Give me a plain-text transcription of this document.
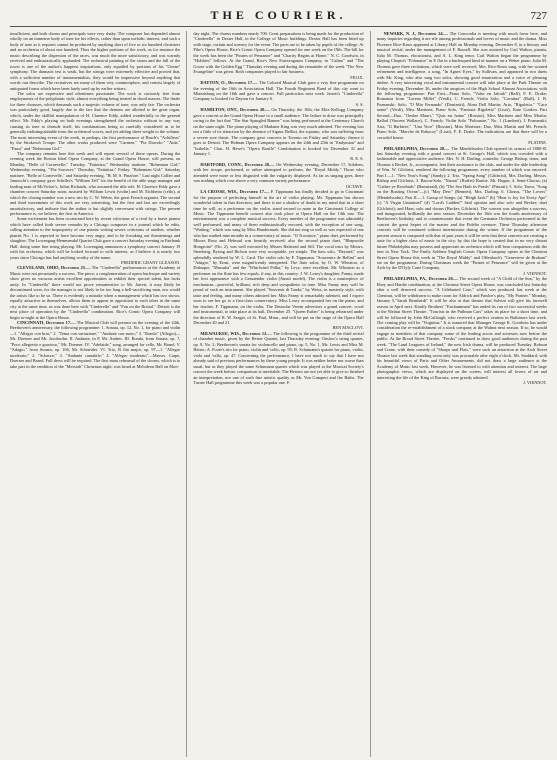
THE COURIER.	727

insufficient, and both chorus and principals were very shaky. The composer has depended almost wholly on an immense body of tone for his effects, rather than upon melodic interest, and such a body of tone as it requires cannot be produced by anything short of five or six hundred choristers and an orchestra of about one hundred. Thus the higher portions of the work, as for instance the music describing the dispersion of the races, was much the more satisfactory, and was warmly received and enthusiastically applauded. The orchestral painting of the storm and the fall of the tower is one of the author's happiest inspirations, only equalled by portions of his "Ocean" symphony. The dramatic test is weak, but the strings were extremely effective and proved that, with a sufficient number of instrumentalists, they would be impressive beyond anything that words can describe. The recitatives are many of them very commonplace, and consist largely of antiquated forms which have been lately used up by earlier writers.

The solos are expressive and oftentimes passionate. The work is curiously free from employments of the polyphonic style, almost everything being treated in chord masses. The finale for three choruses, which demands such a majestic volume of tone, was only fair. The orchestra was particularly good, largely due to the fact that the demons are allotted to the great organ, which, under the skillful manipulation of H. Clarence Eddy, added wonderfully to the general effect. Mr. Eddy's playing on both evenings strengthened the orchestra without in any way causing its tone to obtrude itself, his combinations being so carefully considered as to be generally indistinguishable from the orchestral voices, and yet adding sheer weight to the volume. The most interesting event of the week, in perhaps, the first performance of Bruch's "Achilleus" by the Strakosch Troupe. The other works produced were "Carmen," "Pia Diavolo," "Aida," "Faust" and "Bohemian Girl."

The company remains here this week and will repeat several of these operas. During the evening week the Boston Ideal Opera Company, at the Grand Opera House, will present, on Monday, "Belle of Cornevelle;" Tuesday, "Fatinitza;" Wednesday matinee, "Bohemian Girl;" Wednesday evening, "The Sorcerer;" Thursday, "Fatinitza;" Friday, "Bohemian Girl;" Saturday matinee, "Belle of Cornevelle," and Saturday evening, "H. M. S. Pinafore." Last night Collier and Jamoschi's company gave Schiller's "William Tell" for the benefit of the able stage manager and leading man of McVicker's, Julius Richards, who assumed the title role. H. Clarence Eddy gave a chamber concert Saturday noon, assisted by William Lewis (violin) and M. Eichheim (cello), at which the closing number was a new trio by C. W. Weber, the great French organist. The second and third movements of this work are very interesting, but the first and last are exceedingly unsatisfactory, and indicate that the author is but slightly conversant with strings. The present performance is, we believe, the first in America.

Some excitement has been occasioned here by recent criticisms of a rival by a brave pianist which have called forth severe remarks by a Chicago composer in a journal which he edits, calling attention to the impropriety of one pianist writing severe criticisms of another, whether pianist No. 1 is reported to have become very angry, and to be forsaking out threatenings and slaughter. The Lowengarg-Hemmendal Quartet Club gave a concert Saturday evening in Fairbank Hall, doing some fine string playing. Mr. Lowengarg announces a symphony concert January 19 with his orchestra, which will be looked forward to with interest, as I believe it is nearly two years since Chicago has had anything worthy of the name.

FREDERIC GRANT GLEASON.

CLEVELAND, OHIO, December 25.— The "Cinderella" performances at the Academy of Music were not pecuniarily a success. The piece, a conglomeration of opera burlesque and variety show gives no vacuous artists excellent opportunities to exhibit their special talent, but lacks unity. In "Cinderella" there would not prove remunerative to Mr. Jarrett, it may likely be discontinued soon, for the manager is not likely to be too long a hell-sacrificing man, nor would the artists like to be so. There is evidently a mistake when a management which has two shows, equally attractive in themselves, allows them to appear in opposition to each other in the same city at the same time, as was done here with "Cinderella" and "Fun on the Bristol." Detroit is the next place of operation by the "Cinderella" combination. Rice's Comic Opera Company will begin to-night at the Opera House.

CINCINNATI, December 17.— The Musical Club will present on the evening of the 24th, Beethoven's anniversary, the following programme: 1. Sonata, op. 12, No. 1, for piano and violin—I. "Allegro con brio;" 2. "Tema con variazione," "Andante con moto;" 3. "Rondo" (Allegro)—Mr. Doerner and Mr. Jacobsohn. II. Andante, in F, Mr. Andres. III. Rondo, from Sonata, op. 7, "Poco allegretto e grazioso," Mr. Doerner. IV. "Adelaide," song, arranged for cello, Mr. Brand. V. "Adagio," from Sonata, op. 106, Mr. Schneider. VI. Trio, B flat major, op. 97—1. "Allegro moderato;" 2. "Scherzo;" 3. "Andante cantabile;" 4. "Allegro moderato"—Messrs. Carpe, Doerner and Brand. Full dress will be required. The first mass rehearsal of the chorus, which is to take part in the rendition of the "Messiah" Christmas night, was heard at Melodeon Hall on Mon-

day night. The chorus numbers nearly 700. Great preparations is being made for the production of "Cinderella" in Dexter Hall, in the College of Music buildings. Dexter Hall has been fitted up with stage, curtain and scenery for the event. The parts are to be taken by pupils of the college. At Pike's Opera House, Rice's Comic Opera Company opened for one week on the 19th. The bill for the week has been the "Pirates of Penzance" and "Charity Begins at Home." N. C. Goodwin, in "Hobbies" follows. At the Grand, Rice's New Extravaganza Company, in "Calino" and "The Goose with the Golden Egg." Thursday evening and during the remainder of the week "The New Evangeline" was given. Both companies played to fair business.

FELIX.

DAYTON, O., December 17.— The Colored Musical Club gave a very fine programme on the evening of the 16th in Association Hall. The Fourth Regiment Band of this city went to Miamisburg on the 16th and gave a concert. Full particulars next week. Jarrett's "Cinderella" Company is booked for Dayton for January 6.

S. S.

HAMILTON, ONT., December 20.— On Thursday, the 10th, the Elite Kellogg Company gave a concert at the Grand Opera House to a small audience. The failure to draw was principally owing to the fact that "The Star Spangled Banner" was being performed at the Centenary Church on the same night. The piano playing of Madame King was very much admired. The evening lost not a little of its attraction by the absence of Signor Bellini, the soprano, who was suffering from a severe sore throat. The company gave concerts in Toronto on Friday and Saturday; thence it goes to Detroit. The Holman Opera Company appears on the 24th and 25th in "Endymion" and "Isabella." Chas. H. Hewe's "Opera Bouffe" Combination is booked for December 31 and January 1.

R. E. S.

HARTFORD, CONN., December 20.— On Wednesday evening, December 17, Sobilem, with her troupe, performed, or rather attempted to perform, the "Royal Middy." Those who attended were more or less disgusted with the vulgarity displayed. As far as singing goes, there was nothing which rose above a very common variety performance.

OCTAVE.

LA CROSSE, WIS., December 17.— F. Tippmann has finally decided to go to Cincinnati for the purpose of perfecting himself in the art of violin playing. Mr. Tippmann has shown wonderful talent in that direction, and there is not a shadow of doubt in my mind that in a short time he will, as a performer on the violin, stand second to none in the Cincinnati College of Music. The Tippmann benefit concert also took place at Opera Hall on the 13th inst. The entertainment was a complete musical success. Every number of the programme was admirably well performed, and many of them enthusiastically encored, with the exception of one song, "Waiting," which was sung by Miss Hundermark. She did not sing so well as was expected of one who has studied nine months in a conservatory of music. "Il Trovatore," piano duet, performed by Misses Rosa and Helmud was heartily received; also the second piano duet, "Rhapsodie Hongroise" (No. 2), was well executed by Misses Halstead and Sill. The vocal trios by Messrs. Sternberg, Byring and Bichon were very acceptable, yet simple. The bass solo, "Beyond," was splendidly rendered by W. L. Card. The violin solo by F. Tippmann, "Souvenirs de Bellini" and "Adagio," by Ernst, were magnificently interpreted. The flute solos, by O. W. Wheaton, of Dubuque, "Mazurka" and the "Whirlwind Polka," by Levy, were excellent. Mr. Wheaton as a performer on the flute has few equals, if any, in this country. J. W. Losey's daughter, Fanny, made her first appearance with a Gemaender violin (Amati model). The violin is a masterpiece of mechanism—powerful, brilliant, rich deep and sympathetic in tone. Miss Fanny may well be proud of such an instrument. She played "Souvenir di Tonda," by Weiss, in masterly style, with taste and feeling, and many others admired her. Miss Fanny is remarkably talented, and I expect soon to see her go to a first-class conservatory. Miss Losey accompanied her on the piano, and her teacher, F. Tippmann, on the violin. The Deutsche Verein advertises a grand concert, vocal and instrumental, to take place at its hall, December 25. "Queen Esther" is being rehearsed under the direction of R. W. Seager, of St. Paul, Minn., and will be put on the stage of the Opera Hall December 20 and 21.

BEN MACLOVI.

MILWAUKEE, WIS., December 12.— The following is the programme of the third recital of chamber music, given by the Heiser Quartet, last Thursday evening: Onslow's string quartet, op. 9, No. 2; Beethoven's sonata for violoncello and piano, op. 5, No. 1, Mr. Lewis and Miss M. Heiser; A. Foote's trio for piano, violin and 'cello, op. 95; R. Schumann's quartet for piano, violin, viola and 'cello, op. 47. Concerning the performance, I have not much to say that I have not already said of previous performances by these young people. It was neither better nor worse than usual, but as they played the same Schumann quartet which was played at the Musical Society's concert the week before, comparison is inevitable. The Heisers are not yet able to give so finished an interpretation, nor one of such fine artistic quality as Mr. Von Gumpert and the Baths. The Turner Hall programme this week was a popular one. F.

NEWARK, N. J., December 24.— The Concordia is meeting with much favor here, and many inquiries regarding it are rife among professionals and lovers of music and the drama. Miss Florence Rice-Knox appeared at Library Hall on Monday evening, December 8, in a literary and musical recital, under the management of F. Russell. She was assisted by Carl Walton, pianist, Julia M. Thomas, elocutionist, and A. L. King tenor. Carl Walton began the programme by playing Chopin's "Polonaise" in E flat in a burlesqued kind of manner on a Weber piano. Julia M. Thomas gave three recitations, which were well received. Mrs. Rice-Knox sang, with her wonted refinement and intelligence, a song, "In Agnes' Eyes," by Sullivan, and appeared in two duets with Mr. King, who also sang two solos, showing good enunciation and a voice of pleasing timbre. A very interesting vocal and instrumental concert will take place at the Park Theatre on Friday evening, December 26, under the auspices of the High School Alumni Association, with the following programme: Part First—Piano Solo, "Valse en Jaloub" (Raff), F. E. Drake; Romanza from "Lorena Miller" (Verdi), C. French; Violin Solo, "Cavatina" (Raff), I. B. Poznanski; Solo, "O Mio Fernando" (Donizetti), Alma Dell Martin; Aria, "Rigoletto," "Caro nome" (Verdi), Miss Martinez; Piano Solo, "Fantasie Rigoletto" (Liszt), Kate Gordon. Part Second—Duo, "Ombre Mauri," "Quis est homo" (Rossini), Miss Martinez and Miss Martin; Ballad (Vincent Wallace), C. French; Violin Solo "Polonaise," No. 1 (Lambert), I. Poznanski; Aria, "Il Barbiere," "Una Voce" (Rossini), Miss Martinez; Duo, Miss Martin and Mr. French; Piano Solo, "Marche de Rakoczy" (Liszt), F. E. Drake. The indications are that there will be a crowded house.

PLATINE.

PHILADELPHIA, December 20.— The Mendelssohn Club opened its season of 1880-81 last Saturday evening with a grand concert at St. George's Hall, which was crowded with a fashionable and appreciative audience. Mrs. N. H. Darling, contralto; George Bishop, tenor, and Thomas à Becket, Jr., accompanist, lent their assistance to the club, and under the able leadership of Wm. W. Gilchrist, rendered the following programme, every number of which was encored: Part I.—1. "New Year's Song" (Sandy); 2. Trio, "Spring Song" (Gilchrist), Mrs. Darling, Messrs. Bishop and Gilchrist; 3. Bacon-Solo, "Nanon" (Ruffer) Baritie. Mr. Hogan; 4. Semi-Chorus, (a) "Gather ye Rosebuds" (Bumstead), (b) "The Sea Hath its Pearls" (Pinsuti); 5. Solo, Tenor, "Song on the Roaring Ocean"—(c) "May Dew" (Bennett), Mrs. Darling; 6. Chorus, "The Lovers" (Mendelssohn). Part II.—1. Group of Songs; (a) "Heigh Jack!" (b) "Hear is Joy for Every Ape" (c) "A Virgin Unstained" (d) "Lord's Ladden!" Seal opinion and also solo and Becker; duet (Gilchrist); and Haas; solo and chorus (Becker, Gilchrist). The concert was altogether a success, and inaugurated, brilliantly the new season. December the 16th was the fourth anniversary of Beethoven's birthday, and to commemorate that event the Germania Orchestra performed in the concert the great Septet of the master and the Fidelio overture. These Thursday afternoon concerts will be continued without intermission during the winter. If the programme of the present season is compared with that of past years it will be seen that these concerts are creating a taste for a higher class of music in the city; by this the hope is created that in no very distant future Philadelphia may possess and appreciate an orchestra which will bear comparison with the best in New York. The Emily Soldene English Comic Opera Company opens at the Chestnut Street Opera House this week in "The Royal Middy" and Offenbach's "Genevieve de Brabant" are on the programme. During Christmas week the "Pirates of Penzance" will be given at the Arch by the D'Oyly Carte Company.

J. VIENNOT.

PHILADELPHIA, PA., December 20.— The second week of "A Child of the Sun," by the Hoey and Hardie combination, at the Chestnut Street Opera House, was concluded last Saturday after a well deserved success. "A Celebrated Case," which was produced last week at the Chestnut, will be withdrawn to make room for Aldrich and Parsloe's play, "My Partner." Monday, January 5,"Sarah Bernhardt" It will be also at that theatre that Salvini will give his farewell season in April next. Kiralfy Brothers' "Enchantment" has ended its run of two successful weeks at the Walnut Street Theatre. "Tourists in the Pullman Cars" takes its place for a short time, and will be followed by John McCullough, who received a perfect ovation in Baltimore last week. The coming play will be "Virginius." It is rumored that Manager George K. Goodwin has under consideration the re-establishment of a stock company at the Walnut next season. If so, he would engage as members of that company some of the leading actors and actresses now before the public. At the Broad Street Theatre, "Fresks" continued to draw good audiences during the past week. "The Land Leaguers of Ireland," the new Irish drama, will be produced Tuesday. Robson and Crane, with their comedy of "Sharps and Flats," were such an attraction at the Arch Street Theatre last week that standing room only was procurable after eight o'clock. Mr. Stoddard, with his beautiful views of Paris and Other Amusements, did not draw a large audience at the Academy of Music last week. However, he was listened to with attention and interest. The large photographic views, which are displayed on the screen, will interest all lovers of art and interesting the life of the King of Bavaria, were greatly admired.

J. VIENNOT.
